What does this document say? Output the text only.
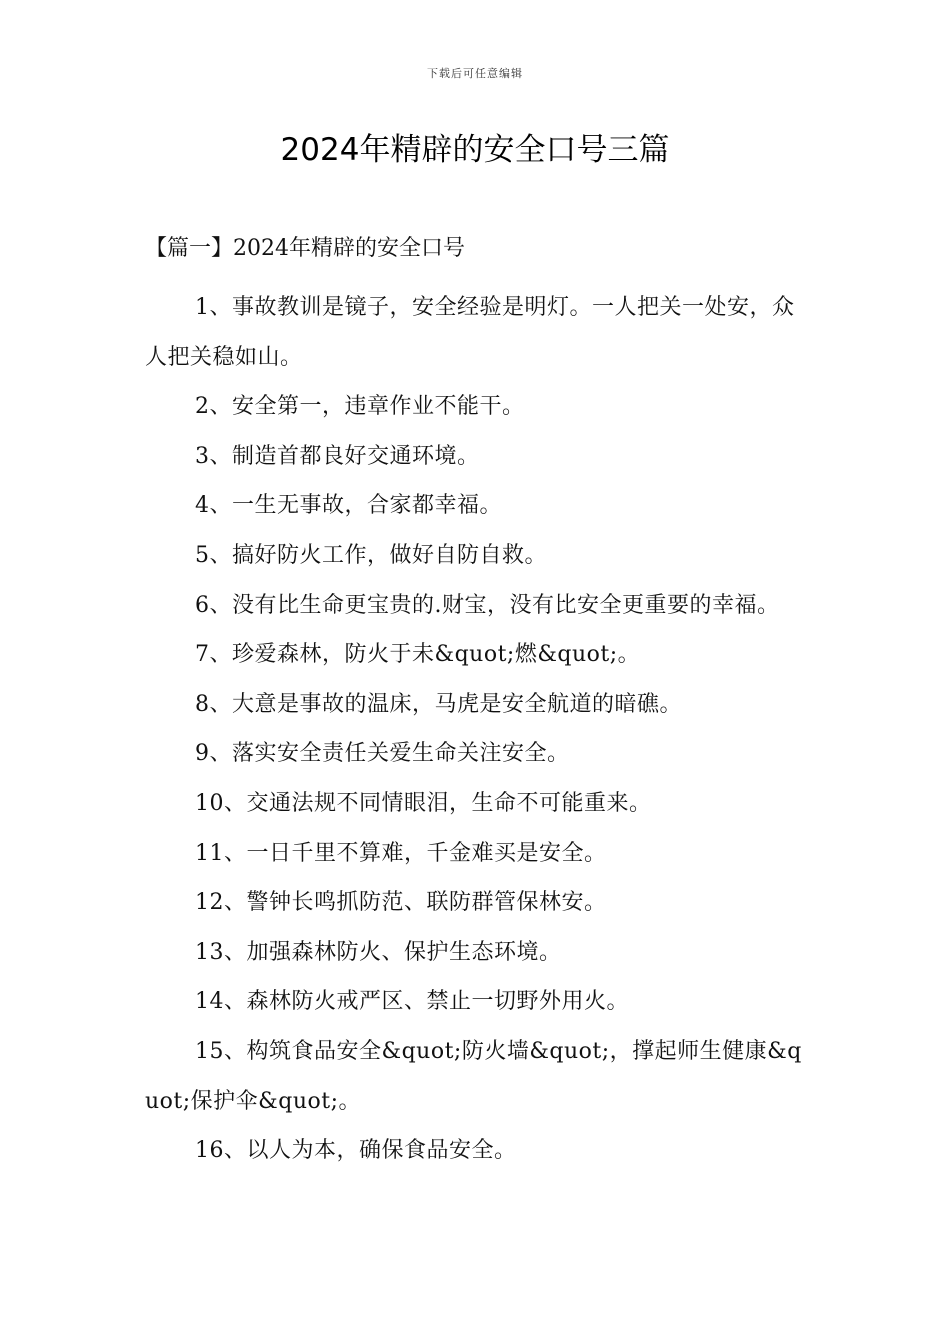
下载后可任意编辑
2024年精辟的安全口号三篇
【篇一】2024年精辟的安全口号

1、事故教训是镜子，安全经验是明灯。一人把关一处安，众人把关稳如山。

2、安全第一，违章作业不能干。

3、制造首都良好交通环境。

4、一生无事故，合家都幸福。

5、搞好防火工作，做好自防自救。

6、没有比生命更宝贵的.财宝，没有比安全更重要的幸福。

7、珍爱森林，防火于未&quot;燃&quot;。

8、大意是事故的温床，马虎是安全航道的暗礁。

9、落实安全责任关爱生命关注安全。

10、交通法规不同情眼泪，生命不可能重来。

11、一日千里不算难，千金难买是安全。

12、警钟长鸣抓防范、联防群管保林安。

13、加强森林防火、保护生态环境。

14、森林防火戒严区、禁止一切野外用火。

15、构筑食品安全&quot;防火墙&quot;，撑起师生健康&quot;保护伞&quot;。

16、以人为本，确保食品安全。
